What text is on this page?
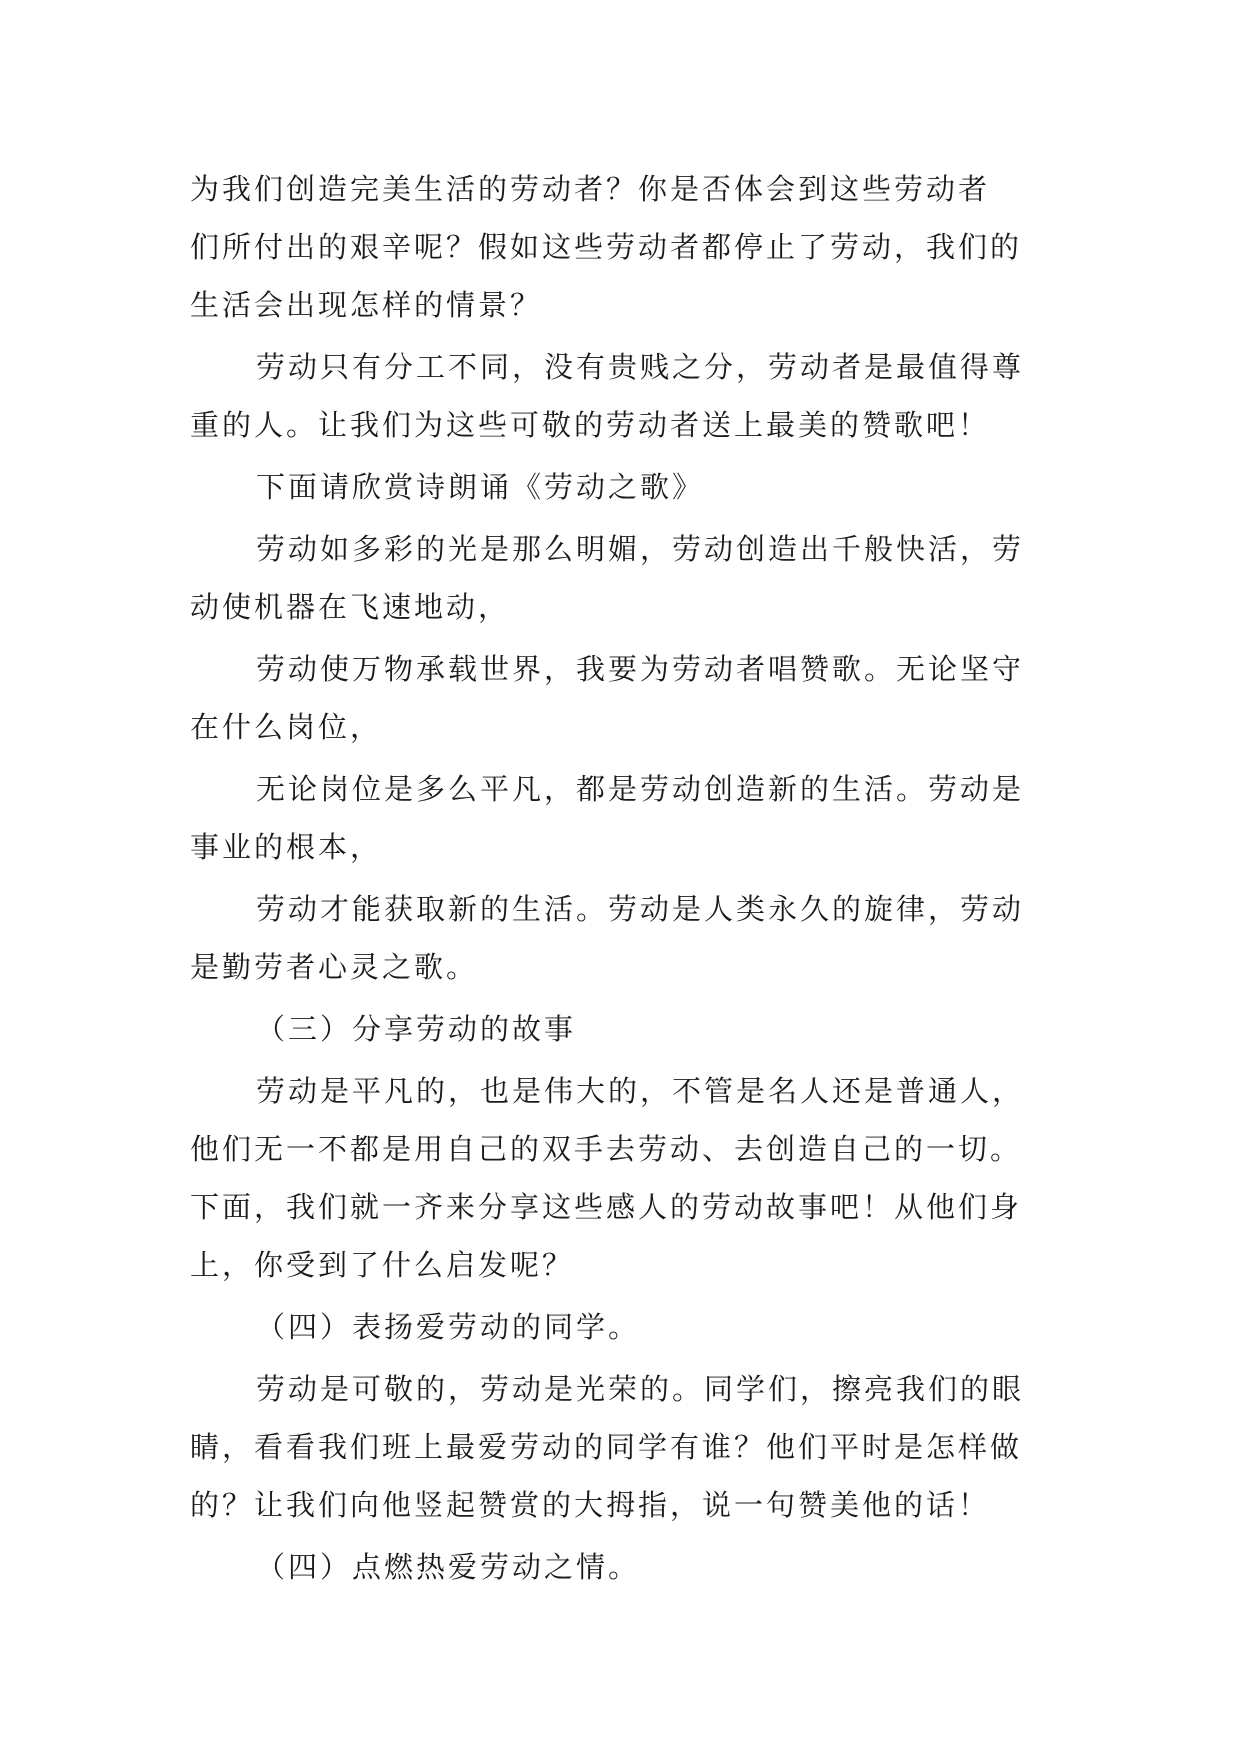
为我们创造完美生活的劳动者？你是否体会到这些劳动者
们所付出的艰辛呢？假如这些劳动者都停止了劳动，我们的
生活会出现怎样的情景？
劳动只有分工不同，没有贵贱之分，劳动者是最值得尊
重的人。让我们为这些可敬的劳动者送上最美的赞歌吧！
下面请欣赏诗朗诵《劳动之歌》
劳动如多彩的光是那么明媚，劳动创造出千般快活，劳
动使机器在飞速地动，
劳动使万物承载世界，我要为劳动者唱赞歌。无论坚守
在什么岗位，
无论岗位是多么平凡，都是劳动创造新的生活。劳动是
事业的根本，
劳动才能获取新的生活。劳动是人类永久的旋律，劳动
是勤劳者心灵之歌。
（三）分享劳动的故事
劳动是平凡的，也是伟大的，不管是名人还是普通人，
他们无一不都是用自己的双手去劳动、去创造自己的一切。
下面，我们就一齐来分享这些感人的劳动故事吧！从他们身
上，你受到了什么启发呢？
（四）表扬爱劳动的同学。
劳动是可敬的，劳动是光荣的。同学们，擦亮我们的眼
睛，看看我们班上最爱劳动的同学有谁？他们平时是怎样做
的？让我们向他竖起赞赏的大拇指，说一句赞美他的话！
（四）点燃热爱劳动之情。
